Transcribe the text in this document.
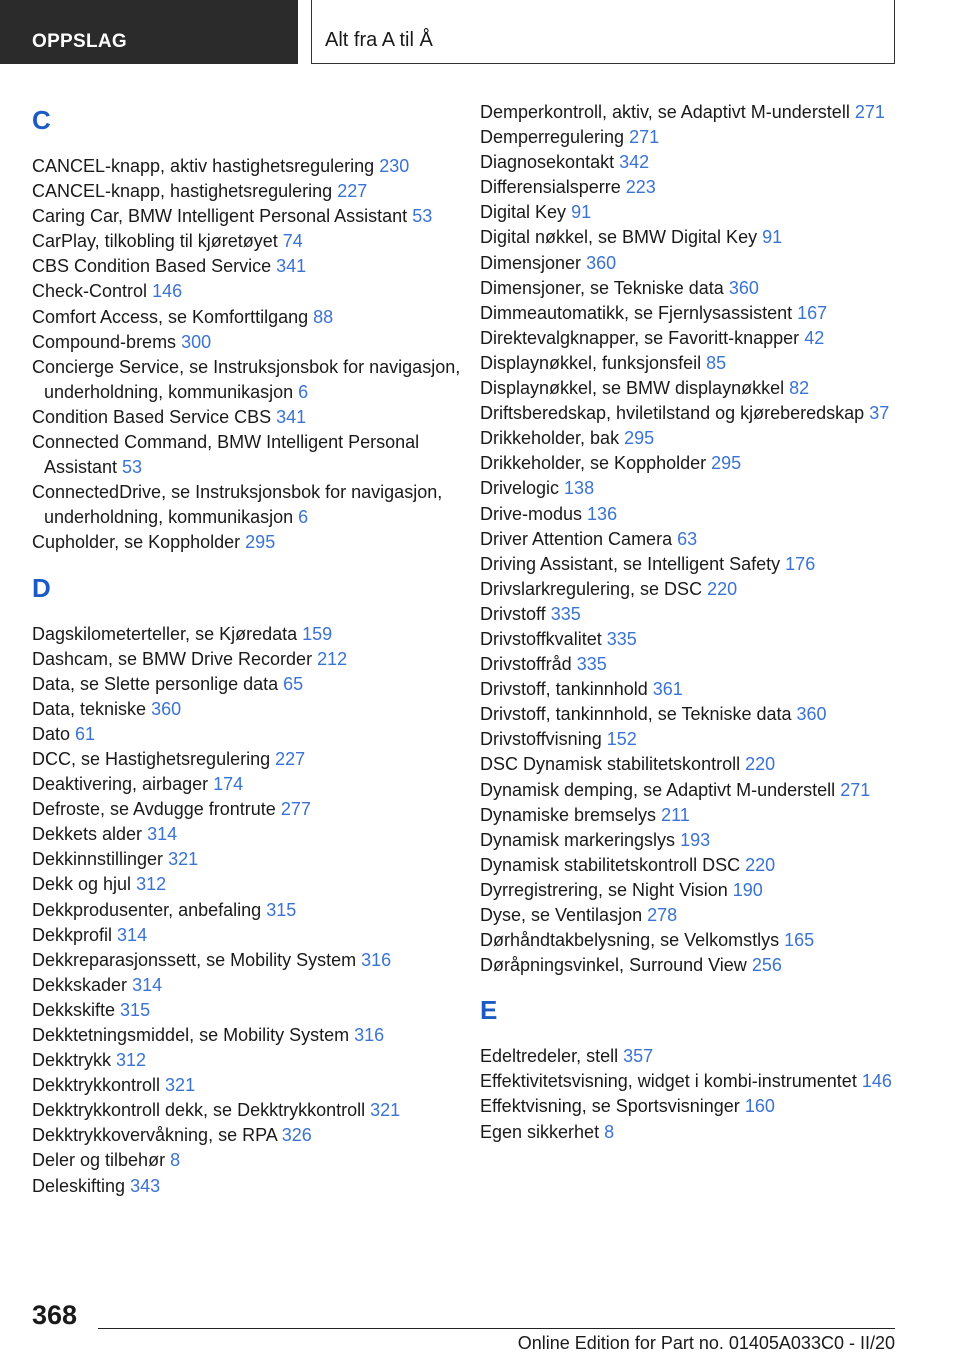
OPPSLAG	Alt fra A til Å
C
CANCEL-knapp, aktiv hastighetsregulering 230
CANCEL-knapp, hastighetsregulering 227
Caring Car, BMW Intelligent Personal Assistant 53
CarPlay, tilkobling til kjøretøyet 74
CBS Condition Based Service 341
Check-Control 146
Comfort Access, se Komforttilgang 88
Compound-brems 300
Concierge Service, se Instruksjonsbok for navigasjon, underholdning, kommunikasjon 6
Condition Based Service CBS 341
Connected Command, BMW Intelligent Personal Assistant 53
ConnectedDrive, se Instruksjonsbok for navigasjon, underholdning, kommunikasjon 6
Cupholder, se Koppholder 295
D
Dagskilometerteller, se Kjøredata 159
Dashcam, se BMW Drive Recorder 212
Data, se Slette personlige data 65
Data, tekniske 360
Dato 61
DCC, se Hastighetsregulering 227
Deaktivering, airbager 174
Defroste, se Avdugge frontrute 277
Dekkets alder 314
Dekkinnstillinger 321
Dekk og hjul 312
Dekkprodusenter, anbefaling 315
Dekkprofil 314
Dekkreparasjonssett, se Mobility System 316
Dekkskader 314
Dekkskifte 315
Dekktetningsmiddel, se Mobility System 316
Dekktrykk 312
Dekktrykkontroll 321
Dekktrykkontroll dekk, se Dekktrykkontroll 321
Dekktrykkovervåkning, se RPA 326
Deler og tilbehør 8
Deleskifting 343
Demperkontroll, aktiv, se Adaptivt M-understell 271
Demperregulering 271
Diagnosekontakt 342
Differensialsperre 223
Digital Key 91
Digital nøkkel, se BMW Digital Key 91
Dimensjoner 360
Dimensjoner, se Tekniske data 360
Dimmeautomatikk, se Fjernlysassistent 167
Direktevalgknapper, se Favoritt-knapper 42
Displaynøkkel, funksjonsfeil 85
Displaynøkkel, se BMW displaynøkkel 82
Driftsberedskap, hviletilstand og kjøreberedskap 37
Drikkeholder, bak 295
Drikkeholder, se Koppholder 295
Drivelogic 138
Drive-modus 136
Driver Attention Camera 63
Driving Assistant, se Intelligent Safety 176
Drivslarkregulering, se DSC 220
Drivstoff 335
Drivstoffkvalitet 335
Drivstoffråd 335
Drivstoff, tankinnhold 361
Drivstoff, tankinnhold, se Tekniske data 360
Drivstoffvisning 152
DSC Dynamisk stabilitetskontroll 220
Dynamisk demping, se Adaptivt M-understell 271
Dynamiske bremselys 211
Dynamisk markeringslys 193
Dynamisk stabilitetskontroll DSC 220
Dyrregistrering, se Night Vision 190
Dyse, se Ventilasjon 278
Dørhåndtakbelysning, se Velkomstlys 165
Døråpningsvinkel, Surround View 256
E
Edeltredeler, stell 357
Effektivitetsvisning, widget i kombi-instrumentet 146
Effektvisning, se Sportsvisninger 160
Egen sikkerhet 8
368
Online Edition for Part no. 01405A033C0 - II/20
